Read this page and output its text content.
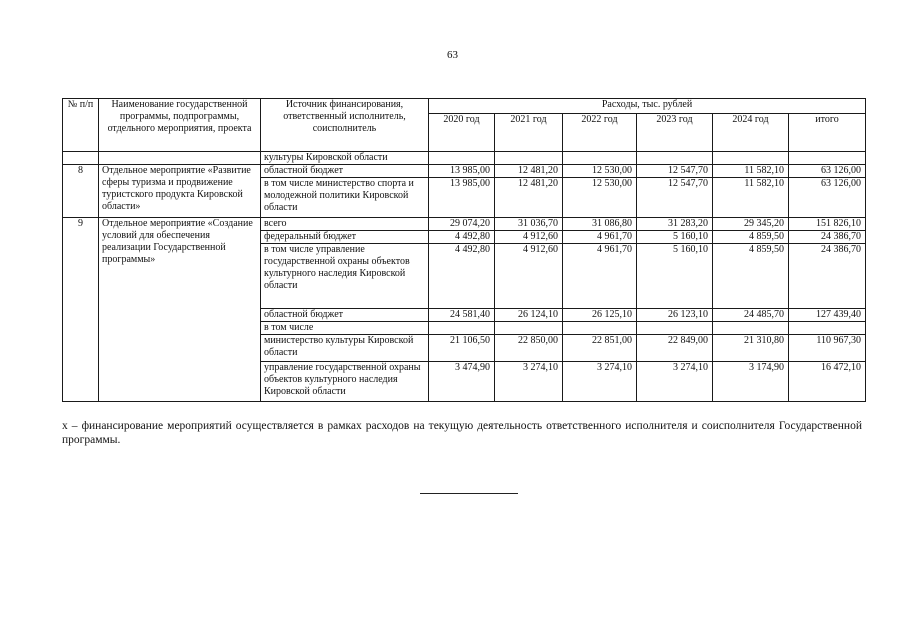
63
№ п/п	Наименование государственной программы, подпрограммы, отдельного мероприятия, проекта	Источник финансирования, ответственный исполнитель, соисполнитель	Расходы, тыс. рублей					
			2020 год	2021 год	2022 год	2023 год	2024 год	итого
		культуры Кировской области						
8	Отдельное мероприятие «Развитие сферы туризма и продвижение туристского продукта Кировской области»	областной бюджет	13 985,00	12 481,20	12 530,00	12 547,70	11 582,10	63 126,00
		в том числе министерство спорта и молодежной политики Кировской области	13 985,00	12 481,20	12 530,00	12 547,70	11 582,10	63 126,00
9	Отдельное мероприятие «Создание условий для обеспечения реализации Государственной программы»	всего	29 074,20	31 036,70	31 086,80	31 283,20	29 345,20	151 826,10
		федеральный бюджет	4 492,80	4 912,60	4 961,70	5 160,10	4 859,50	24 386,70
		в том числе управление государственной охраны объектов культурного наследия Кировской области	4 492,80	4 912,60	4 961,70	5 160,10	4 859,50	24 386,70
		областной бюджет	24 581,40	26 124,10	26 125,10	26 123,10	24 485,70	127 439,40
		в том числе						
		министерство культуры Кировской области	21 106,50	22 850,00	22 851,00	22 849,00	21 310,80	110 967,30
		управление государственной охраны объектов культурного наследия Кировской области	3 474,90	3 274,10	3 274,10	3 274,10	3 174,90	16 472,10
x – финансирование мероприятий осуществляется в рамках расходов на текущую деятельность ответственного исполнителя и соисполнителя Государственной программы.
